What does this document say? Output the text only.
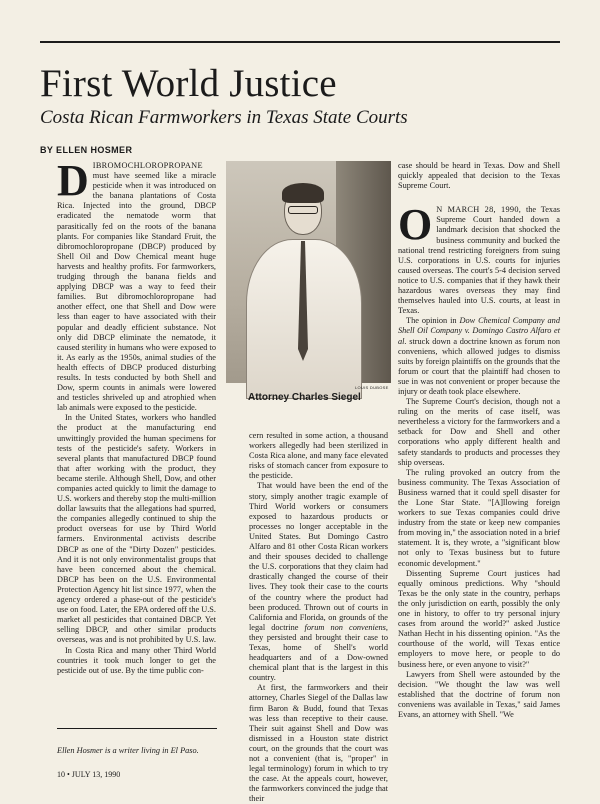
First World Justice
Costa Rican Farmworkers in Texas State Courts
BY ELLEN HOSMER

DIBROMOCHLOROPROPANE must have seemed like a miracle pesticide when it was introduced on the banana plantations of Costa Rica. Injected into the ground, DBCP eradicated the nematode worm that parasitically fed on the roots of the banana plants. For companies like Standard Fruit, the dibromochloropropane (DBCP) produced by Shell Oil and Dow Chemical meant huge harvests and healthy profits. For farmworkers, trudging through the banana fields and applying DBCP was a way to feed their families. But dibromochloropropane had another effect, one that Shell and Dow were less than eager to have associated with their popular and deadly efficient substance. Not only did DBCP eliminate the nematode, it caused sterility in humans who were exposed to it. As early as the 1950s, animal studies of the health effects of DBCP produced disturbing results. In tests conducted by both Shell and Dow, sperm counts in animals were lowered and testicles shriveled up and atrophied when lab animals were exposed to the pesticide.

In the United States, workers who handled the product at the manufacturing end unwittingly provided the human specimens for tests of the pesticide's safety. Workers in several plants that manufactured DBCP found that after working with the product, they became sterile. Although Shell, Dow, and other companies acted quickly to limit the damage to U.S. workers and thereby stop the multi-million dollar lawsuits that the allegations had spurred, the companies allegedly continued to ship the product overseas for use by Third World farmers. Environmental activists describe DBCP as one of the "Dirty Dozen" pesticides. And it is not only environmentalist groups that have been concerned about the chemical. DBCP has been on the U.S. Environmental Protection Agency hit list since 1977, when the agency ordered a phase-out of the pesticide's use on food. Later, the EPA ordered off the U.S. market all pesticides that contained DBCP. Yet selling DBCP, and other similar products overseas, was and is not prohibited by U.S. law.

In Costa Rica and many other Third World countries it took much longer to get the pesticide out of use. By the time public con-

LOUIS DUBOSE
Attorney Charles Siegel

cern resulted in some action, a thousand workers allegedly had been sterilized in Costa Rica alone, and many face elevated risks of stomach cancer from exposure to the pesticide.

That would have been the end of the story, simply another tragic example of Third World workers or consumers exposed to hazardous products or processes no longer acceptable in the United States. But Domingo Castro Alfaro and 81 other Costa Rican workers and their spouses decided to challenge the U.S. corporations that they claim had drastically changed the course of their lives. They took their case to the courts of the country where the product had been produced. Thrown out of courts in California and Florida, on grounds of the legal doctrine forum non conveniens, they persisted and brought their case to Texas, home of Shell's world headquarters and of a Dow-owned chemical plant that is the largest in this country.

At first, the farmworkers and their attorney, Charles Siegel of the Dallas law firm Baron & Budd, found that Texas was less than receptive to their cause. Their suit against Shell and Dow was dismissed in a Houston state district court, on the grounds that the court was not a convenient (that is, "proper" in legal terminology) forum in which to try the case. At the appeals court, however, the farmworkers convinced the judge that their

case should be heard in Texas. Dow and Shell quickly appealed that decision to the Texas Supreme Court.

O N MARCH 28, 1990, the Texas Supreme Court handed down a landmark decision that shocked the business community and bucked the national trend restricting foreigners from suing U.S. corporations in U.S. courts for injuries caused overseas. The court's 5-4 decision served notice to U.S. companies that if they hawk their hazardous wares overseas they may find themselves hauled into U.S. courts, at least in Texas.

The opinion in Dow Chemical Company and Shell Oil Company v. Domingo Castro Alfaro et al. struck down a doctrine known as forum non conveniens, which allowed judges to dismiss suits by foreign plaintiffs on the grounds that the forum or court that the plaintiff had chosen to sue in was not convenient or proper because the injury or death took place elsewhere.

The Supreme Court's decision, though not a ruling on the merits of case itself, was nevertheless a victory for the farmworkers and a setback for Dow and Shell and other corporations who apply different health and safety standards to products and processes they ship overseas.

The ruling provoked an outcry from the business community. The Texas Association of Business warned that it could spell disaster for the Lone Star State. "[A]llowing foreign workers to sue Texas companies could drive industry from the state or keep new companies from moving in," the association noted in a brief statement. It is, they wrote, a "significant blow not only to Texas business but to future economic development."

Dissenting Supreme Court justices had equally ominous predictions. Why "should Texas be the only state in the country, perhaps the only jurisdiction on earth, possibly the only one in history, to offer to try personal injury cases from around the world?" asked Justice Nathan Hecht in his dissenting opinion. "As the courthouse of the world, will Texas entice employers to move here, or people to do business here, or even anyone to visit?"

Lawyers from Shell were astounded by the decision. "We thought the law was well established that the doctrine of forum non conveniens was available in Texas," said James Evans, an attorney with Shell. "We

Ellen Hosmer is a writer living in El Paso.
10 • JULY 13, 1990
